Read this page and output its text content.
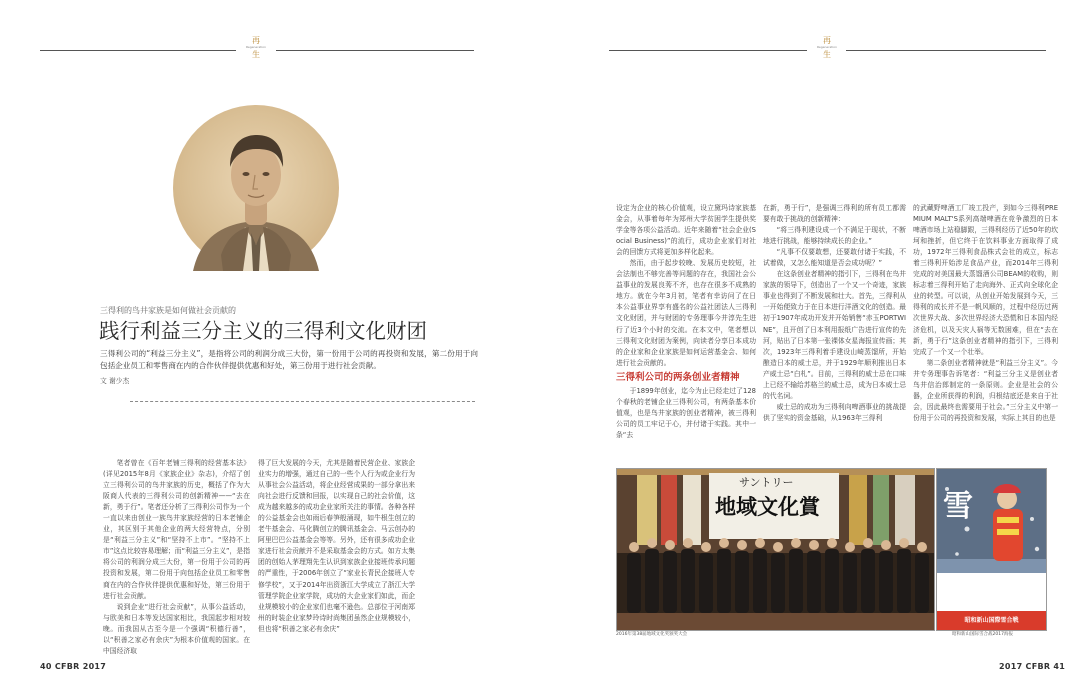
再
Regeneration
生
三得利的鸟井家族是如何做社会贡献的
践行利益三分主义的三得利文化财团
三得利公司的“利益三分主义”，是指将公司的利润分成三大份，第一份用于公司的再投资和发展，第二份用于向包括企业员工和零售商在内的合作伙伴提供优惠和好处，第三份用于进行社会贡献。
文 谢少杰

笔者曾在《百年老铺三得利的经营基本法》(详见2015年8月《家族企业》杂志)，介绍了创立三得利公司的鸟井家族的历史，概括了作为大阪商人代表的三得利公司的创新精神——“去在新，勇于行”。笔者还分析了三得利公司作为一个一直以来由创业一族鸟井家族经营的日本老铺企业，其区别于其他企业的两大经营特点，分别是“利益三分主义”和“坚持不上市”。“坚持不上市”这点比较容易理解；而“利益三分主义”，是指将公司的利润分成三大份，第一份用于公司的再投资和发展，第二份用于向包括企业员工和零售商在内的合作伙伴提供优惠和好处，第三份用于进行社会贡献。

说到企业“进行社会贡献”，从事公益活动，与欧美和日本等发达国家相比，我国起步相对较晚。而我国从古至今是一个强调“积德行善”，以“积善之家必有余庆”为根本价值观的国家。在中国经济取

得了巨大发展的今天，尤其是随着民营企业、家族企业实力的增强，通过自己的一些个人行为或企业行为从事社会公益活动，将企业经营成果的一部分拿出来向社会进行反馈和回报，以实现自己的社会价值，这成为越来越多的成功企业家所关注的事情。各种各样的公益基金会也如雨后春笋般涌现，如牛根生创立的老牛基金会、马化腾创立的腾讯基金会、马云创办的阿里巴巴公益基金会等等。另外，还有很多成功企业家进行社会贡献并不是采取基金会的方式。如方太集团的创始人茅理翔先生认识到家族企业接班传承问题的严重性，于2006年创立了“家业长青民企接班人专修学校”，又于2014年出资浙江大学成立了浙江大学管理学院企业家学院，成功的大企业家们如此，而企业规模较小的企业家们也毫不逊色。总部位于河南郑州的时装企业家梦玲诗时尚集团虽然企业规模较小，但也将“积善之家必有余庆”

40 CFBR 2017
再
Regeneration
生

设定为企业的核心价值观，设立黛玛诗家族基金会，从事着每年为郑州大学贫困学生提供奖学金等各项公益活动。近年来随着“社会企业(Social Business)”的流行，成功企业家们对社会的回馈方式将更加多样化起来。

然而，由于起步较晚、发展历史较短，社会法制也不够完善等问题的存在，我国社会公益事业的发展良莠不齐，也存在很多不成熟的地方。就在今年3月初，笔者有幸访问了在日本公益事业界享有盛名的公益社团法人三得利文化财团，并与财团的专务理事今井淳先生进行了近3个小时的交流。在本文中，笔者想以三得利文化财团为案例，向读者分享日本成功的企业家和企业家族是如何运营基金会、如何进行社会贡献的。

三得利公司的两条创业者精神

于1899年创业，迄今为止已经走过了128个春秋的老铺企业三得利公司，有两条基本价值观，也是鸟井家族的创业者精神，被三得利公司的员工牢记于心，并付诸于实践。其中一条“去

在新，勇于行”，是强调三得利的所有员工都需要有敢于挑战的创新精神：

“将三得利建设成一个不满足于现状，不断地进行挑战，能够持续成长的企业。”

“凡事不仅要敢想，还要敢付诸于实践，不试着做，又怎么能知道是否会成功呢？”

在这条创业者精神的指引下，三得利在鸟井家族的领导下，创造出了一个又一个奇迹，家族事业也得到了不断发展和壮大。首先，三得利从一开始便致力于在日本进行洋酒文化的创造。最初于1907年成功开发并开始销售“赤玉PORTWINE”，且开创了日本利用报纸广告进行宣传的先河，贴出了日本第一张裸体女星海报宣传画；其次，1923年三得利着手建设山崎蒸馏所，开始酿造日本的威士忌，并于1929年顺利推出日本产威士忌“白札”。目前，三得利的威士忌在口味上已经不输给苏格兰的威士忌，成为日本威士忌的代名词。

威士忌的成功为三得利向啤酒事业的挑战提供了坚实的资金基础，从1963年三得利

的武藏野啤酒工厂竣工投产，到如今三得利PREMIUM MALT'S系列高端啤酒在竞争激烈的日本啤酒市场上站稳脚跟，三得利经历了近50年的坎坷和挫折，但它终于在饮料事业方面取得了成功，1972年三得利食品株式会社的成立，标志着三得利开始涉足食品产业，而2014年三得利完成的对美国最大蒸馏酒公司BEAM的收购，则标志着三得利开始了走向海外、正式向全球化企业的转型。可以说，从创业开始发展到今天，三得利的成长并不是一帆风顺的，过程中经历过两次世界大战、多次世界经济大恐慌和日本国内经济危机，以及天灾人祸等无数困难，但在“去在新，勇于行”这条创业者精神的指引下，三得利完成了一个又一个壮举。

第二条创业者精神就是“利益三分主义”。今井专务理事告诉笔者：“利益三分主义是创业者鸟井信治郎制定的一条原则。企业是社会的公器，企业所获得的利润，归根结底还是来自于社会，因此最终也需要用于社会。”三分主义中第一份用于公司的再投资和发展，实际上其目的也是

サントリー
地域文化賞
2016年第38届地域文化奖颁奖大会
雪
昭和新山国際雪合戦
昭和新山国际雪合战2017海报
2017 CFBR 41
